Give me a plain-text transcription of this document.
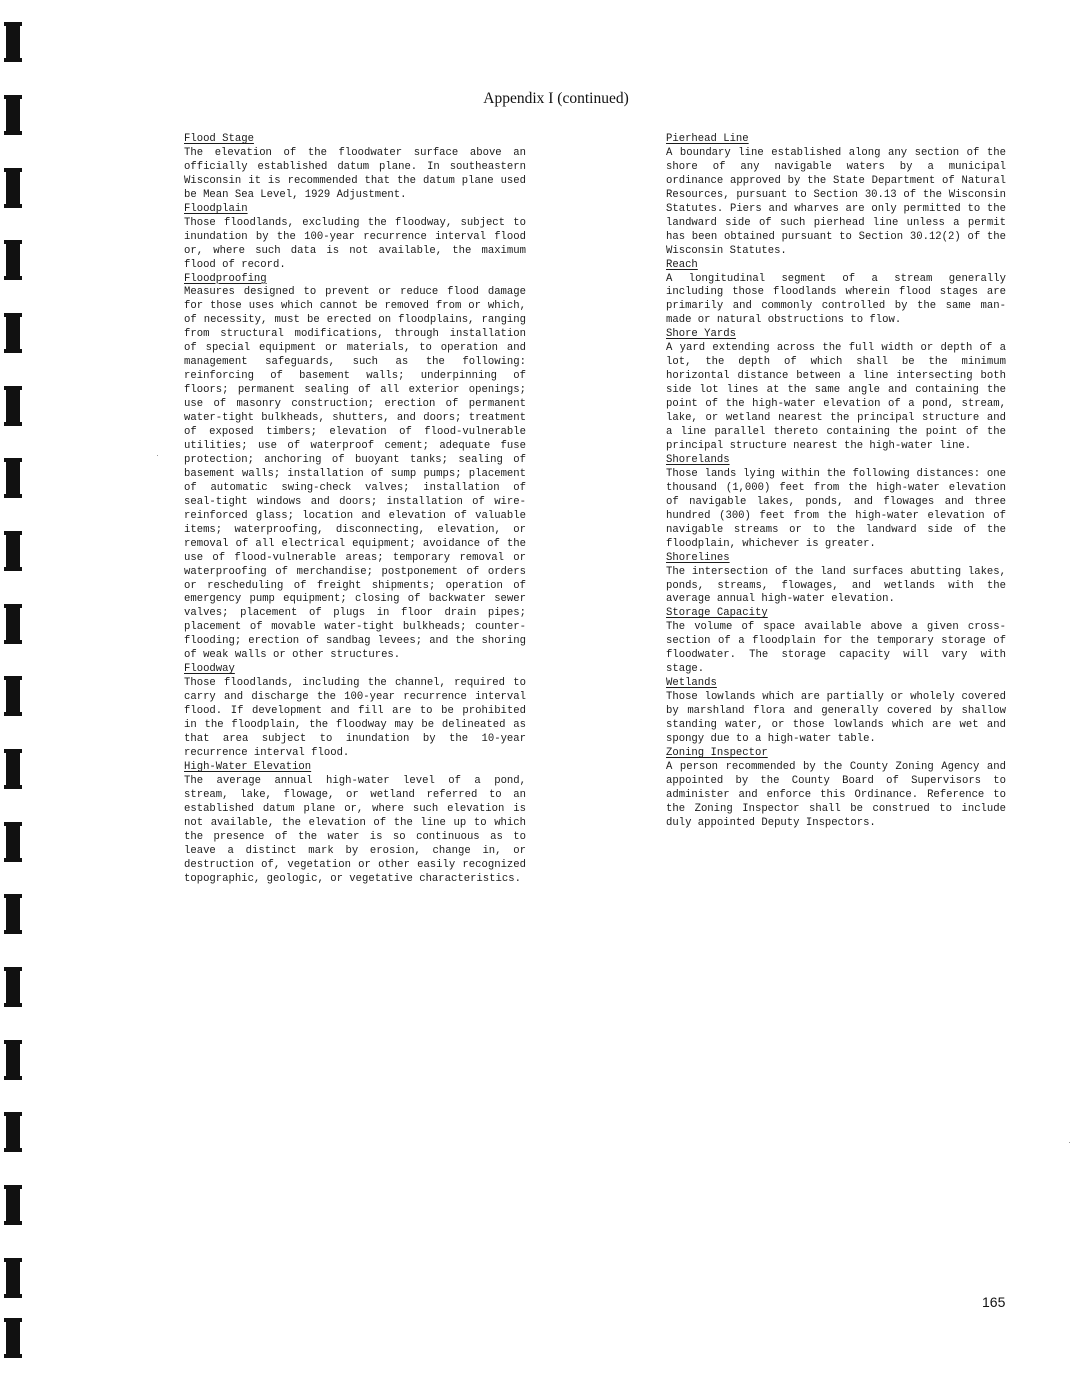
Appendix I (continued)

Flood Stage

The elevation of the floodwater surface above an officially established datum plane. In southeastern Wisconsin it is recommended that the datum plane used be Mean Sea Level, 1929 Adjustment.

Floodplain

Those floodlands, excluding the floodway, subject to inundation by the 100-year recurrence interval flood or, where such data is not available, the maximum flood of record.

Floodproofing

Measures designed to prevent or reduce flood damage for those uses which cannot be removed from or which, of necessity, must be erected on floodplains, ranging from structural modifications, through installation of special equipment or materials, to operation and management safeguards, such as the following: reinforcing of basement walls; underpinning of floors; permanent sealing of all exterior openings; use of masonry construction; erection of permanent water-tight bulkheads, shutters, and doors; treatment of exposed timbers; elevation of flood-vulnerable utilities; use of waterproof cement; adequate fuse protection; anchoring of buoyant tanks; sealing of basement walls; installation of sump pumps; placement of automatic swing-check valves; installation of seal-tight windows and doors; installation of wire-reinforced glass; location and elevation of valuable items; waterproofing, disconnecting, elevation, or removal of all electrical equipment; avoidance of the use of flood-vulnerable areas; temporary removal or waterproofing of merchandise; postponement of orders or rescheduling of freight shipments; operation of emergency pump equipment; closing of backwater sewer valves; placement of plugs in floor drain pipes; placement of movable water-tight bulkheads; counter-flooding; erection of sandbag levees; and the shoring of weak walls or other structures.

Floodway

Those floodlands, including the channel, required to carry and discharge the 100-year recurrence interval flood. If development and fill are to be prohibited in the floodplain, the floodway may be delineated as that area subject to inundation by the 10-year recurrence interval flood.

High-Water Elevation

The average annual high-water level of a pond, stream, lake, flowage, or wetland referred to an established datum plane or, where such elevation is not available, the elevation of the line up to which the presence of the water is so continuous as to leave a distinct mark by erosion, change in, or destruction of, vegetation or other easily recognized topographic, geologic, or vegetative characteristics.

Pierhead Line

A boundary line established along any section of the shore of any navigable waters by a municipal ordinance approved by the State Department of Natural Resources, pursuant to Section 30.13 of the Wisconsin Statutes. Piers and wharves are only permitted to the landward side of such pierhead line unless a permit has been obtained pursuant to Section 30.12(2) of the Wisconsin Statutes.

Reach

A longitudinal segment of a stream generally including those floodlands wherein flood stages are primarily and commonly controlled by the same man-made or natural obstructions to flow.

Shore Yards

A yard extending across the full width or depth of a lot, the depth of which shall be the minimum horizontal distance between a line intersecting both side lot lines at the same angle and containing the point of the high-water elevation of a pond, stream, lake, or wetland nearest the principal structure and a line parallel thereto containing the point of the principal structure nearest the high-water line.

Shorelands

Those lands lying within the following distances: one thousand (1,000) feet from the high-water elevation of navigable lakes, ponds, and flowages and three hundred (300) feet from the high-water elevation of navigable streams or to the landward side of the floodplain, whichever is greater.

Shorelines

The intersection of the land surfaces abutting lakes, ponds, streams, flowages, and wetlands with the average annual high-water elevation.

Storage Capacity

The volume of space available above a given cross-section of a floodplain for the temporary storage of floodwater. The storage capacity will vary with stage.

Wetlands

Those lowlands which are partially or wholely covered by marshland flora and generally covered by shallow standing water, or those lowlands which are wet and spongy due to a high-water table.

Zoning Inspector

A person recommended by the County Zoning Agency and appointed by the County Board of Supervisors to administer and enforce this Ordinance. Reference to the Zoning Inspector shall be construed to include duly appointed Deputy Inspectors.

165
